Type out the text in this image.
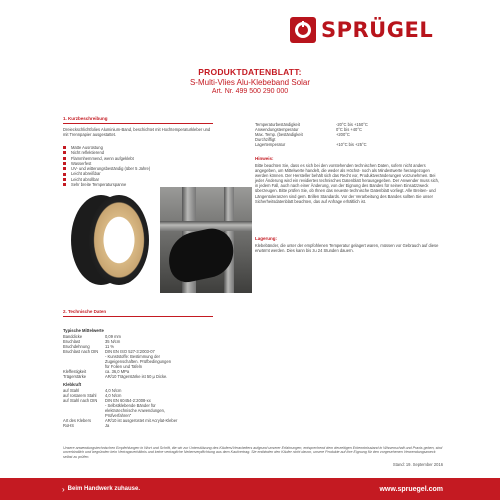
SPRÜGEL
PRODUKTDATENBLATT:
S-Multi-Vlies Alu-Klebeband Solar
Art. Nr. 499 500 290 000
1. Kurzbeschreibung
Dreieckschlichtfolies Aluminium-Band, beschichtet mit Hochtemperaturkleber und mit Trennpapier ausgestattet.
Matte Ausrüstung
Nicht reflektierend
Flammhemmend, wenn aufgeklebt
Wasserfest
UV- und witterungsbeständig (über 5 Jahre)
Leicht abreißbar
Leicht abrollbar
Sehr breite Temperaturspanne
Temperaturbeständigkeit	-20°C bis +150°C
Anwendungstemperatur	0°C bis +40°C
Max. Temp. (beständigkeit	+200°C
Durchziffigt
Lagertemperatur	+10°C bis +25°C
Hinweis:
Bitte beachten Sie, dass es sich bei den vorstehenden technischen Daten, sofern nicht anders angegeben, um Mittelwerte handelt, die weder als Höchst- noch als Mindestwerte herangezogen werden können. Der Hersteller behält sich das Recht vor, Produktveränderungen vorzunehmen. Bei jeder Änderung wird ein revidiertes technisches Datenblatt herausgegeben. Der Anwender muss sich, in jedem Fall, auch nach einer Änderung, von der Eignung des Bandes für seinen Einsatzzweck überzeugen. Bitte prüfen Sie, ob Ihnen das neueste technische Datenblatt vorliegt. Alle Breiten- und Längentoleranzen sind gem. Brillen Standards. Vor der Verarbeitung des Bandes sollten Sie unser Sicherheitsdatenblatt beachten, das auf Anfrage erhältlich ist.
Lagerung:
Klebebänder, die unter der empfohlenen Temperatur gelagert waren, müssen vor Gebrauch auf diese erwärmt werden. Dies kann bis zu 24 Stunden dauern.
2. Technische Daten
Typische Mittelwerte
Banddicke	0,09 mm
Bruchlast	35 N/cm
Bruchdehnung	11 %
Bruchlast nach DIN	DIN EN ISO 527-3:2003-07
- Kunststoffe: Bestimmung der
Zugeigenschaften. Prüfbedingungen
für Folien und Tafeln
Kleffestigkeit	ca. 36,0 MPa
Trägerstärke	AR/10 Trägerstärke ist 50 µ Dicke.
Klebkraft
auf Stahl	4,0 N/cm
auf rostarem Stahl	4,0 N/cm
auf Stahl nach DIN	DIN EN 60454-2:2008-xx
- Selbstklebende Bänder für
elektrotechnische Anwendungen,
Prüfverfahren"
Art des Klebers	AR/10 ist ausgerüstet mit Acrylat-Kleber
RoHS	Ja
Unsere anwendungstechnischen Empfehlungen in Wort und Schrift, die wir zur Unterstützung des Käufers/Verarbeiters aufgrund unserer Erfahrungen, entsprechend dem derzeitigen Erkenntnisstand in Wissenschaft und Praxis geben, sind unverbindlich und begründen kein Vertragsverhältnis und keine vertragliche Nebenverpflichtung aus dem Kaufvertrag. Sie entbinden den Käufer nicht davon, unsere Produkte auf ihre Eignung für den vorgesehenen Verwendungszweck selbst zu prüfen.
Stand: 19. September 2016
› Beim Handwerk zuhause.	www.spruegel.com
